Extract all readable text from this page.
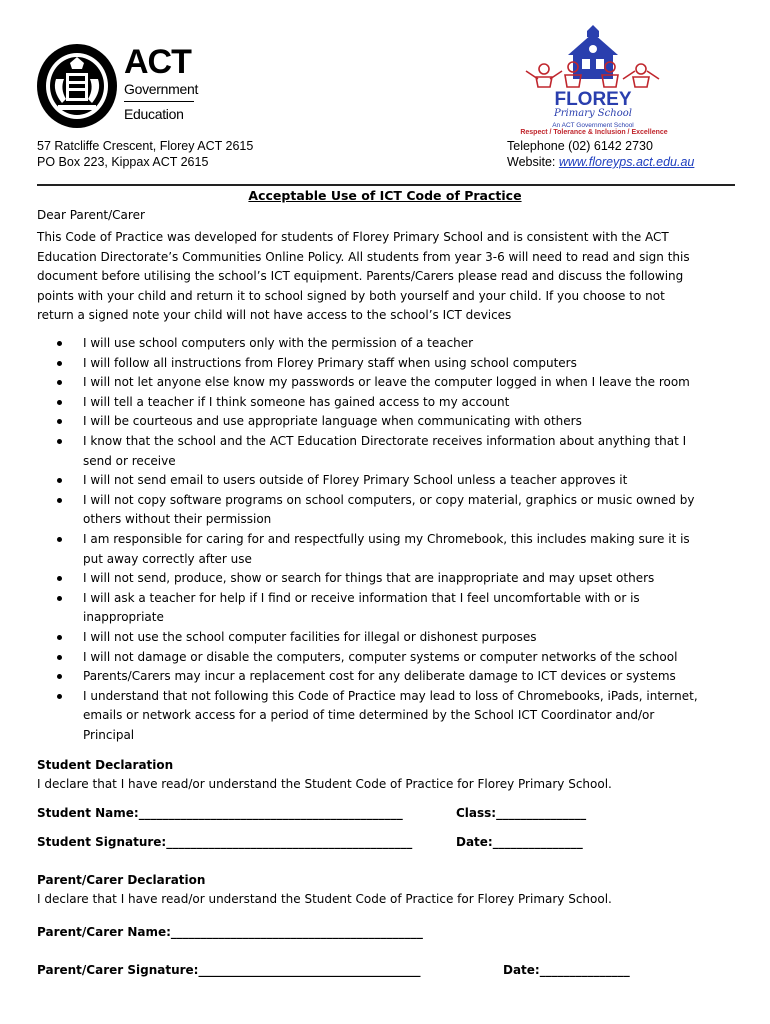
ACT
Government
Education
FLOREY
Primary School
An ACT Government School
Respect / Tolerance & Inclusion / Excellence
57 Ratcliffe Crescent, Florey ACT 2615
PO Box 223, Kippax ACT 2615
Telephone (02) 6142 2730
Website: www.floreyps.act.edu.au
Acceptable Use of ICT Code of Practice
Dear Parent/Carer
This Code of Practice was developed for students of Florey Primary School and is consistent with the ACT
Education Directorate’s Communities Online Policy. All students from year 3-6 will need to read and sign this
document before utilising the school’s ICT equipment. Parents/Carers please read and discuss the following
points with your child and return it to school signed by both yourself and your child. If you choose to not
return a signed note your child will not have access to the school’s ICT devices
I will use school computers only with the permission of a teacher
I will follow all instructions from Florey Primary staff when using school computers
I will not let anyone else know my passwords or leave the computer logged in when I leave the room
I will tell a teacher if I think someone has gained access to my account
I will be courteous and use appropriate language when communicating with others
I know that the school and the ACT Education Directorate receives information about anything that I
send or receive
I will not send email to users outside of Florey Primary School unless a teacher approves it
I will not copy software programs on school computers, or copy material, graphics or music owned by
others without their permission
I am responsible for caring for and respectfully using my Chromebook, this includes making sure it is
put away correctly after use
I will not send, produce, show or search for things that are inappropriate and may upset others
I will ask a teacher for help if I find or receive information that I feel uncomfortable with or is
inappropriate
I will not use the school computer facilities for illegal or dishonest purposes
I will not damage or disable the computers, computer systems or computer networks of the school
Parents/Carers may incur a replacement cost for any deliberate damage to ICT devices or systems
I understand that not following this Code of Practice may lead to loss of Chromebooks, iPads, internet,
emails or network access for a period of time determined by the School ICT Coordinator and/or
Principal
Student Declaration
I declare that I have read/or understand the Student Code of Practice for Florey Primary School.
Student Name:____________________________________________	Class:_______________
Student Signature:_________________________________________	Date:_______________
Parent/Carer Declaration
I declare that I have read/or understand the Student Code of Practice for Florey Primary School.
Parent/Carer Name:__________________________________________
Parent/Carer Signature:_____________________________________	Date:_______________
